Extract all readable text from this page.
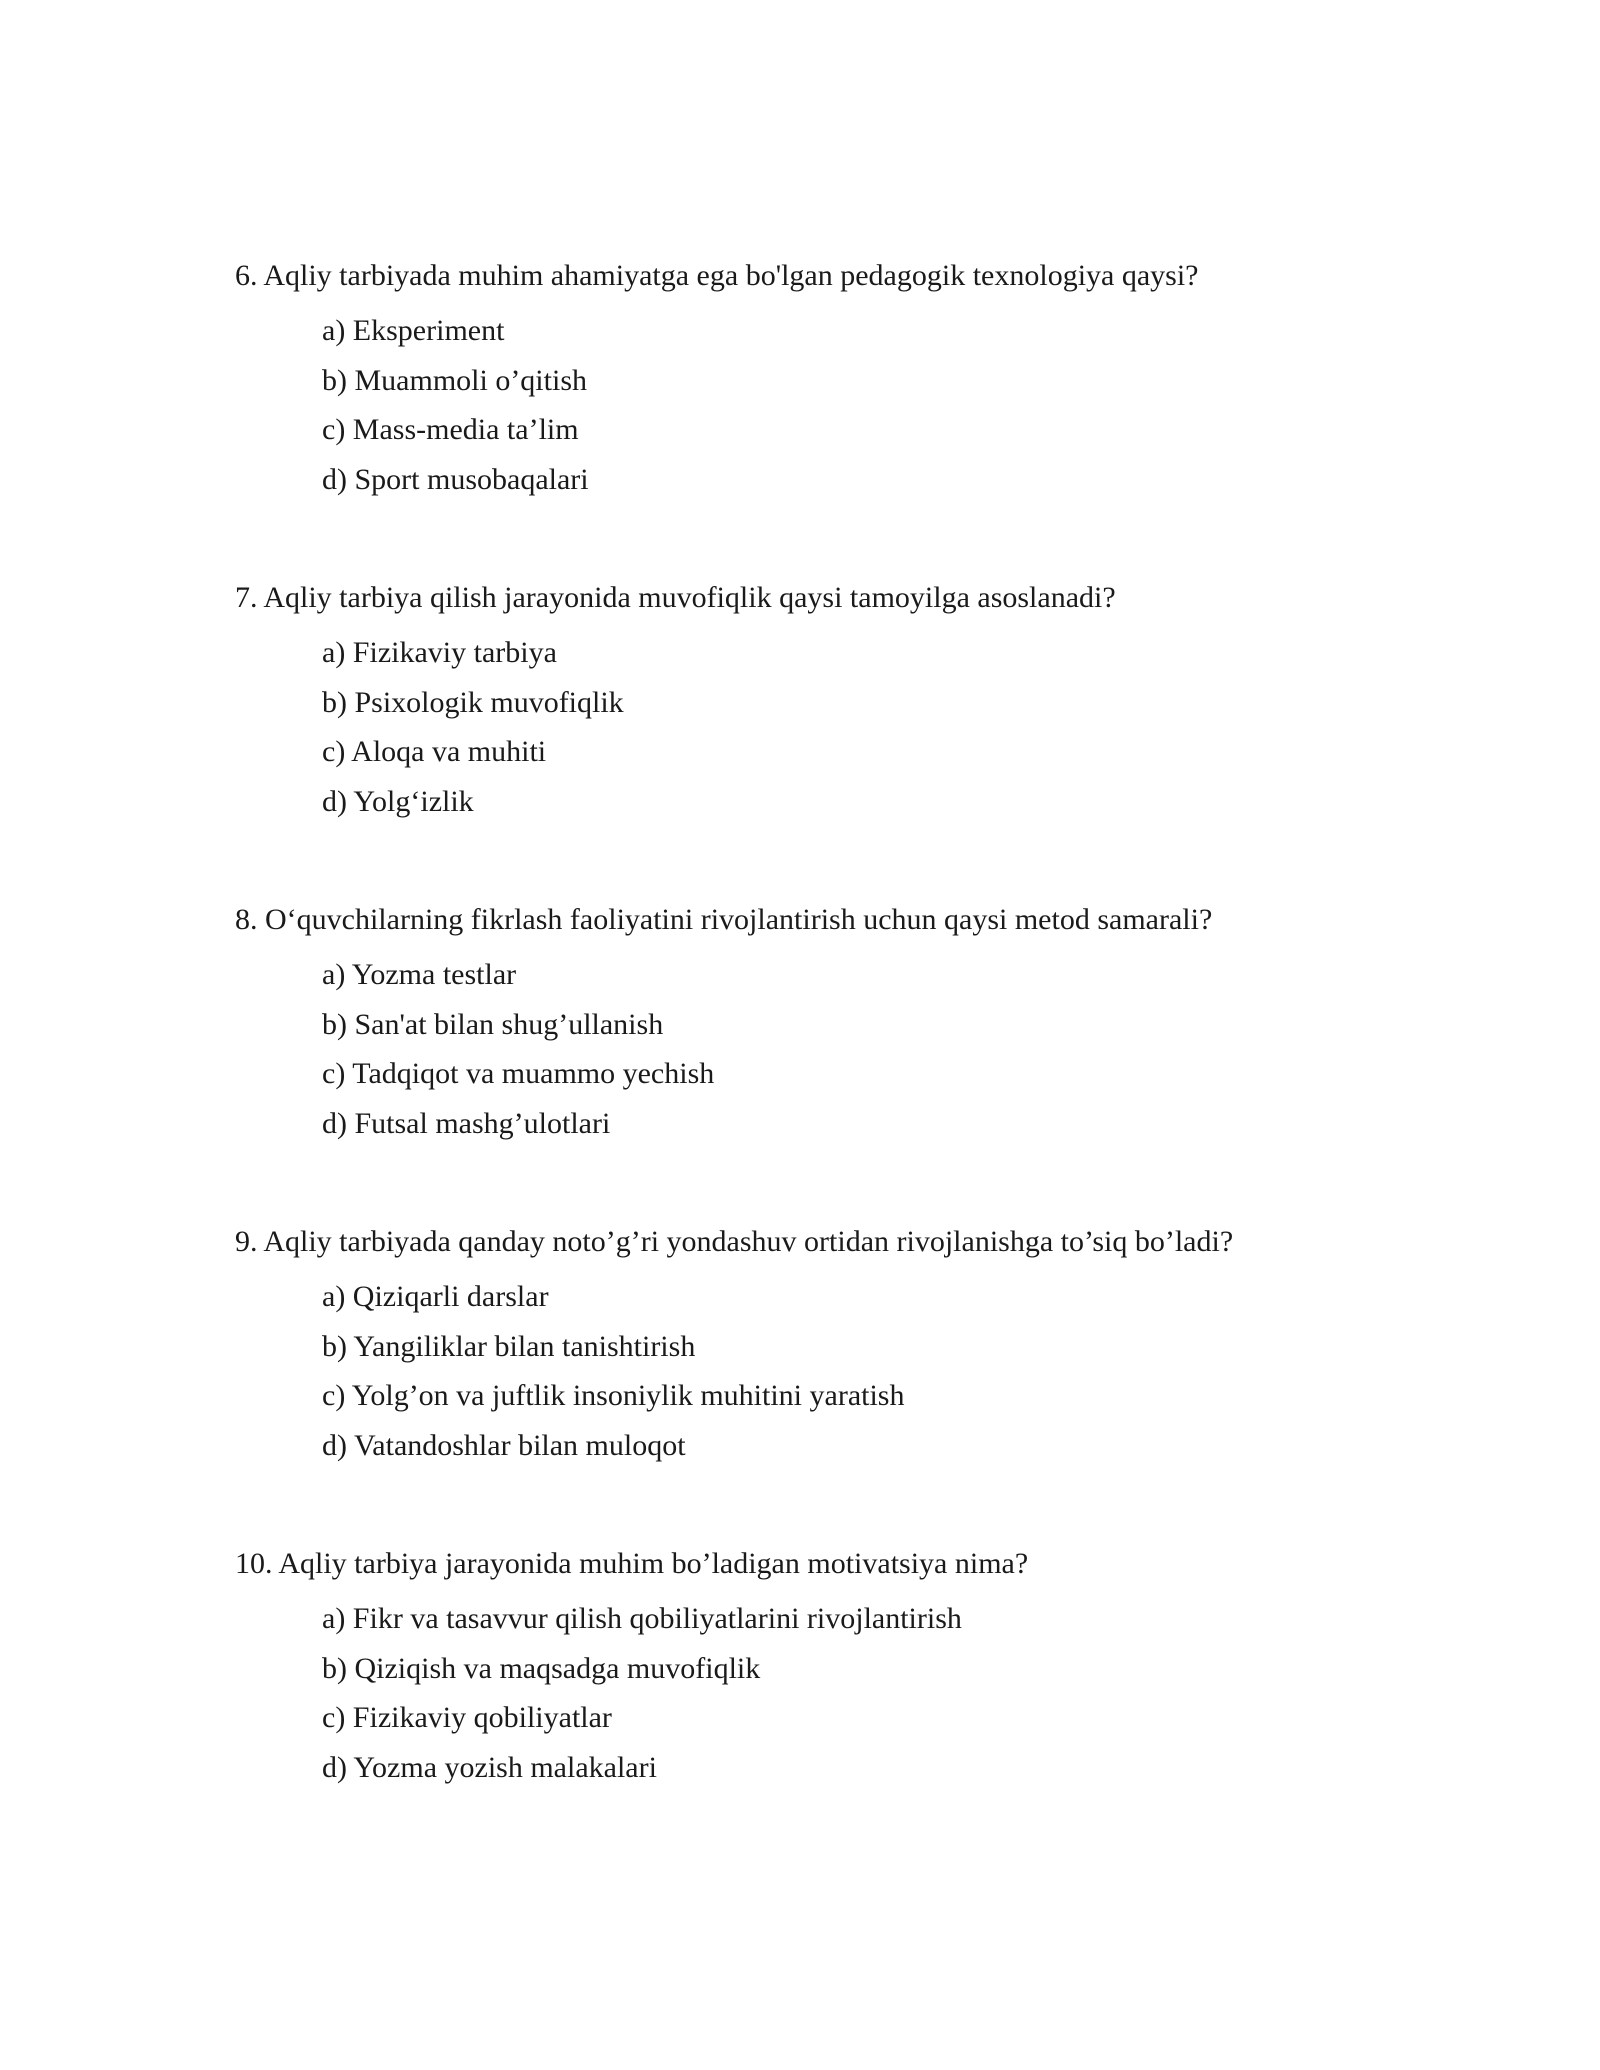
6. Aqliy tarbiyada muhim ahamiyatga ega bo'lgan pedagogik texnologiya qaysi?

a) Eksperiment
b) Muammoli o’qitish
c) Mass-media ta’lim
d) Sport musobaqalari

7. Aqliy tarbiya qilish jarayonida muvofiqlik qaysi tamoyilga asoslanadi?

a) Fizikaviy tarbiya
b) Psixologik muvofiqlik
c) Aloqa va muhiti
d) Yolg‘izlik

8. O‘quvchilarning fikrlash faoliyatini rivojlantirish uchun qaysi metod samarali?

a) Yozma testlar
b) San'at bilan shug’ullanish
c) Tadqiqot va muammo yechish
d) Futsal mashg’ulotlari

9. Aqliy tarbiyada qanday noto’g’ri yondashuv ortidan rivojlanishga to’siq bo’ladi?

a) Qiziqarli darslar
b) Yangiliklar bilan tanishtirish
c) Yolg’on va juftlik insoniylik muhitini yaratish
d) Vatandoshlar bilan muloqot

10. Aqliy tarbiya jarayonida muhim bo’ladigan motivatsiya nima?

a) Fikr va tasavvur qilish qobiliyatlarini rivojlantirish
b) Qiziqish va maqsadga muvofiqlik
c) Fizikaviy qobiliyatlar
d) Yozma yozish malakalari
